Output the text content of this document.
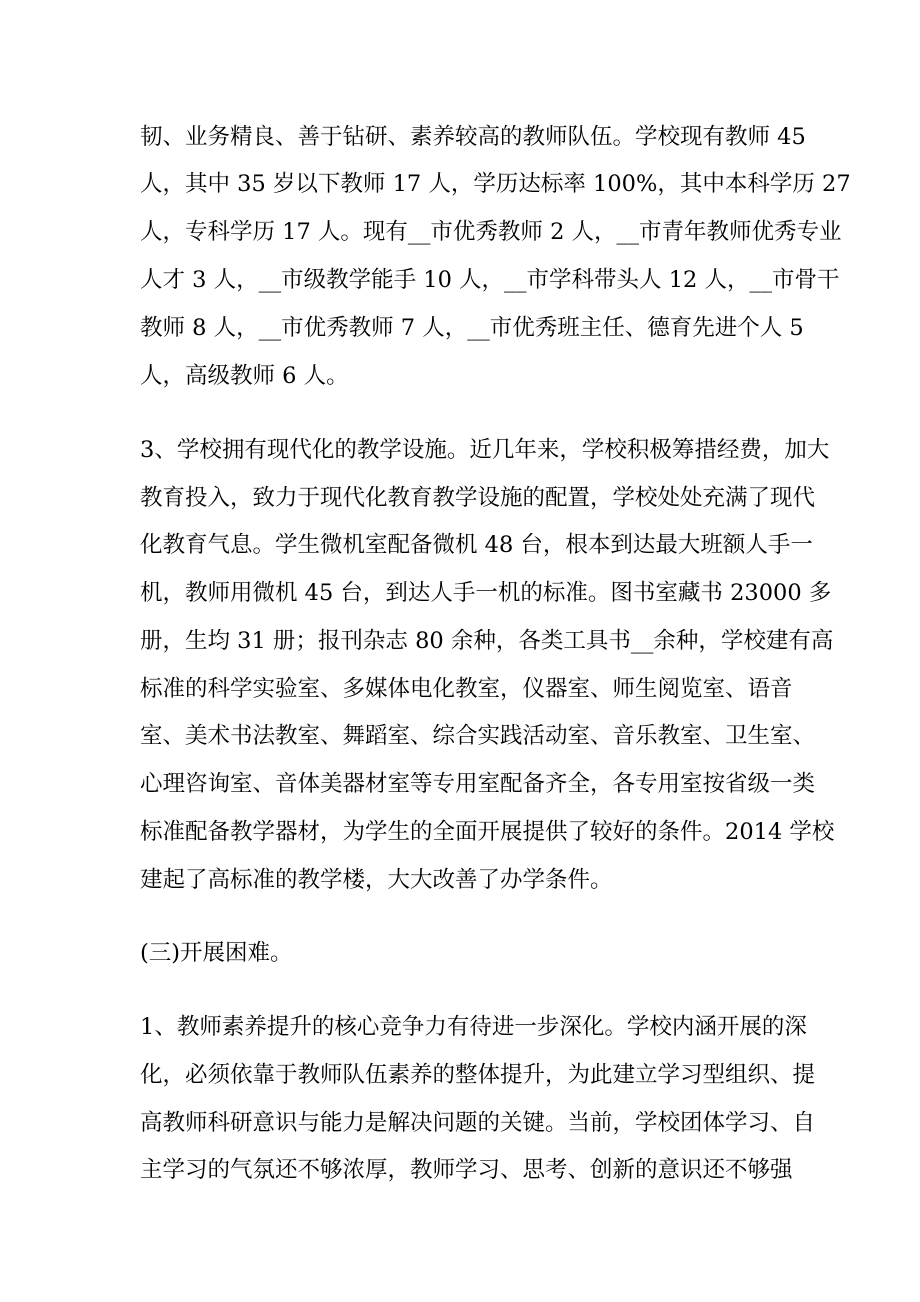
韧、业务精良、善于钻研、素养较高的教师队伍。学校现有教师 45
人，其中 35 岁以下教师 17 人，学历达标率 100%，其中本科学历 27
人，专科学历 17 人。现有__市优秀教师 2 人，__市青年教师优秀专业
人才 3 人，__市级教学能手 10 人，__市学科带头人 12 人，__市骨干
教师 8 人，__市优秀教师 7 人，__市优秀班主任、德育先进个人 5
人，高级教师 6 人。
3、学校拥有现代化的教学设施。近几年来，学校积极筹措经费，加大
教育投入，致力于现代化教育教学设施的配置，学校处处充满了现代
化教育气息。学生微机室配备微机 48 台，根本到达最大班额人手一
机，教师用微机 45 台，到达人手一机的标准。图书室藏书 23000 多
册，生均 31 册；报刊杂志 80 余种，各类工具书__余种，学校建有高
标准的科学实验室、多媒体电化教室，仪器室、师生阅览室、语音
室、美术书法教室、舞蹈室、综合实践活动室、音乐教室、卫生室、
心理咨询室、音体美器材室等专用室配备齐全，各专用室按省级一类
标准配备教学器材，为学生的全面开展提供了较好的条件。2014 学校
建起了高标准的教学楼，大大改善了办学条件。
(三)开展困难。
1、教师素养提升的核心竞争力有待进一步深化。学校内涵开展的深
化，必须依靠于教师队伍素养的整体提升，为此建立学习型组织、提
高教师科研意识与能力是解决问题的关键。当前，学校团体学习、自
主学习的气氛还不够浓厚，教师学习、思考、创新的意识还不够强
